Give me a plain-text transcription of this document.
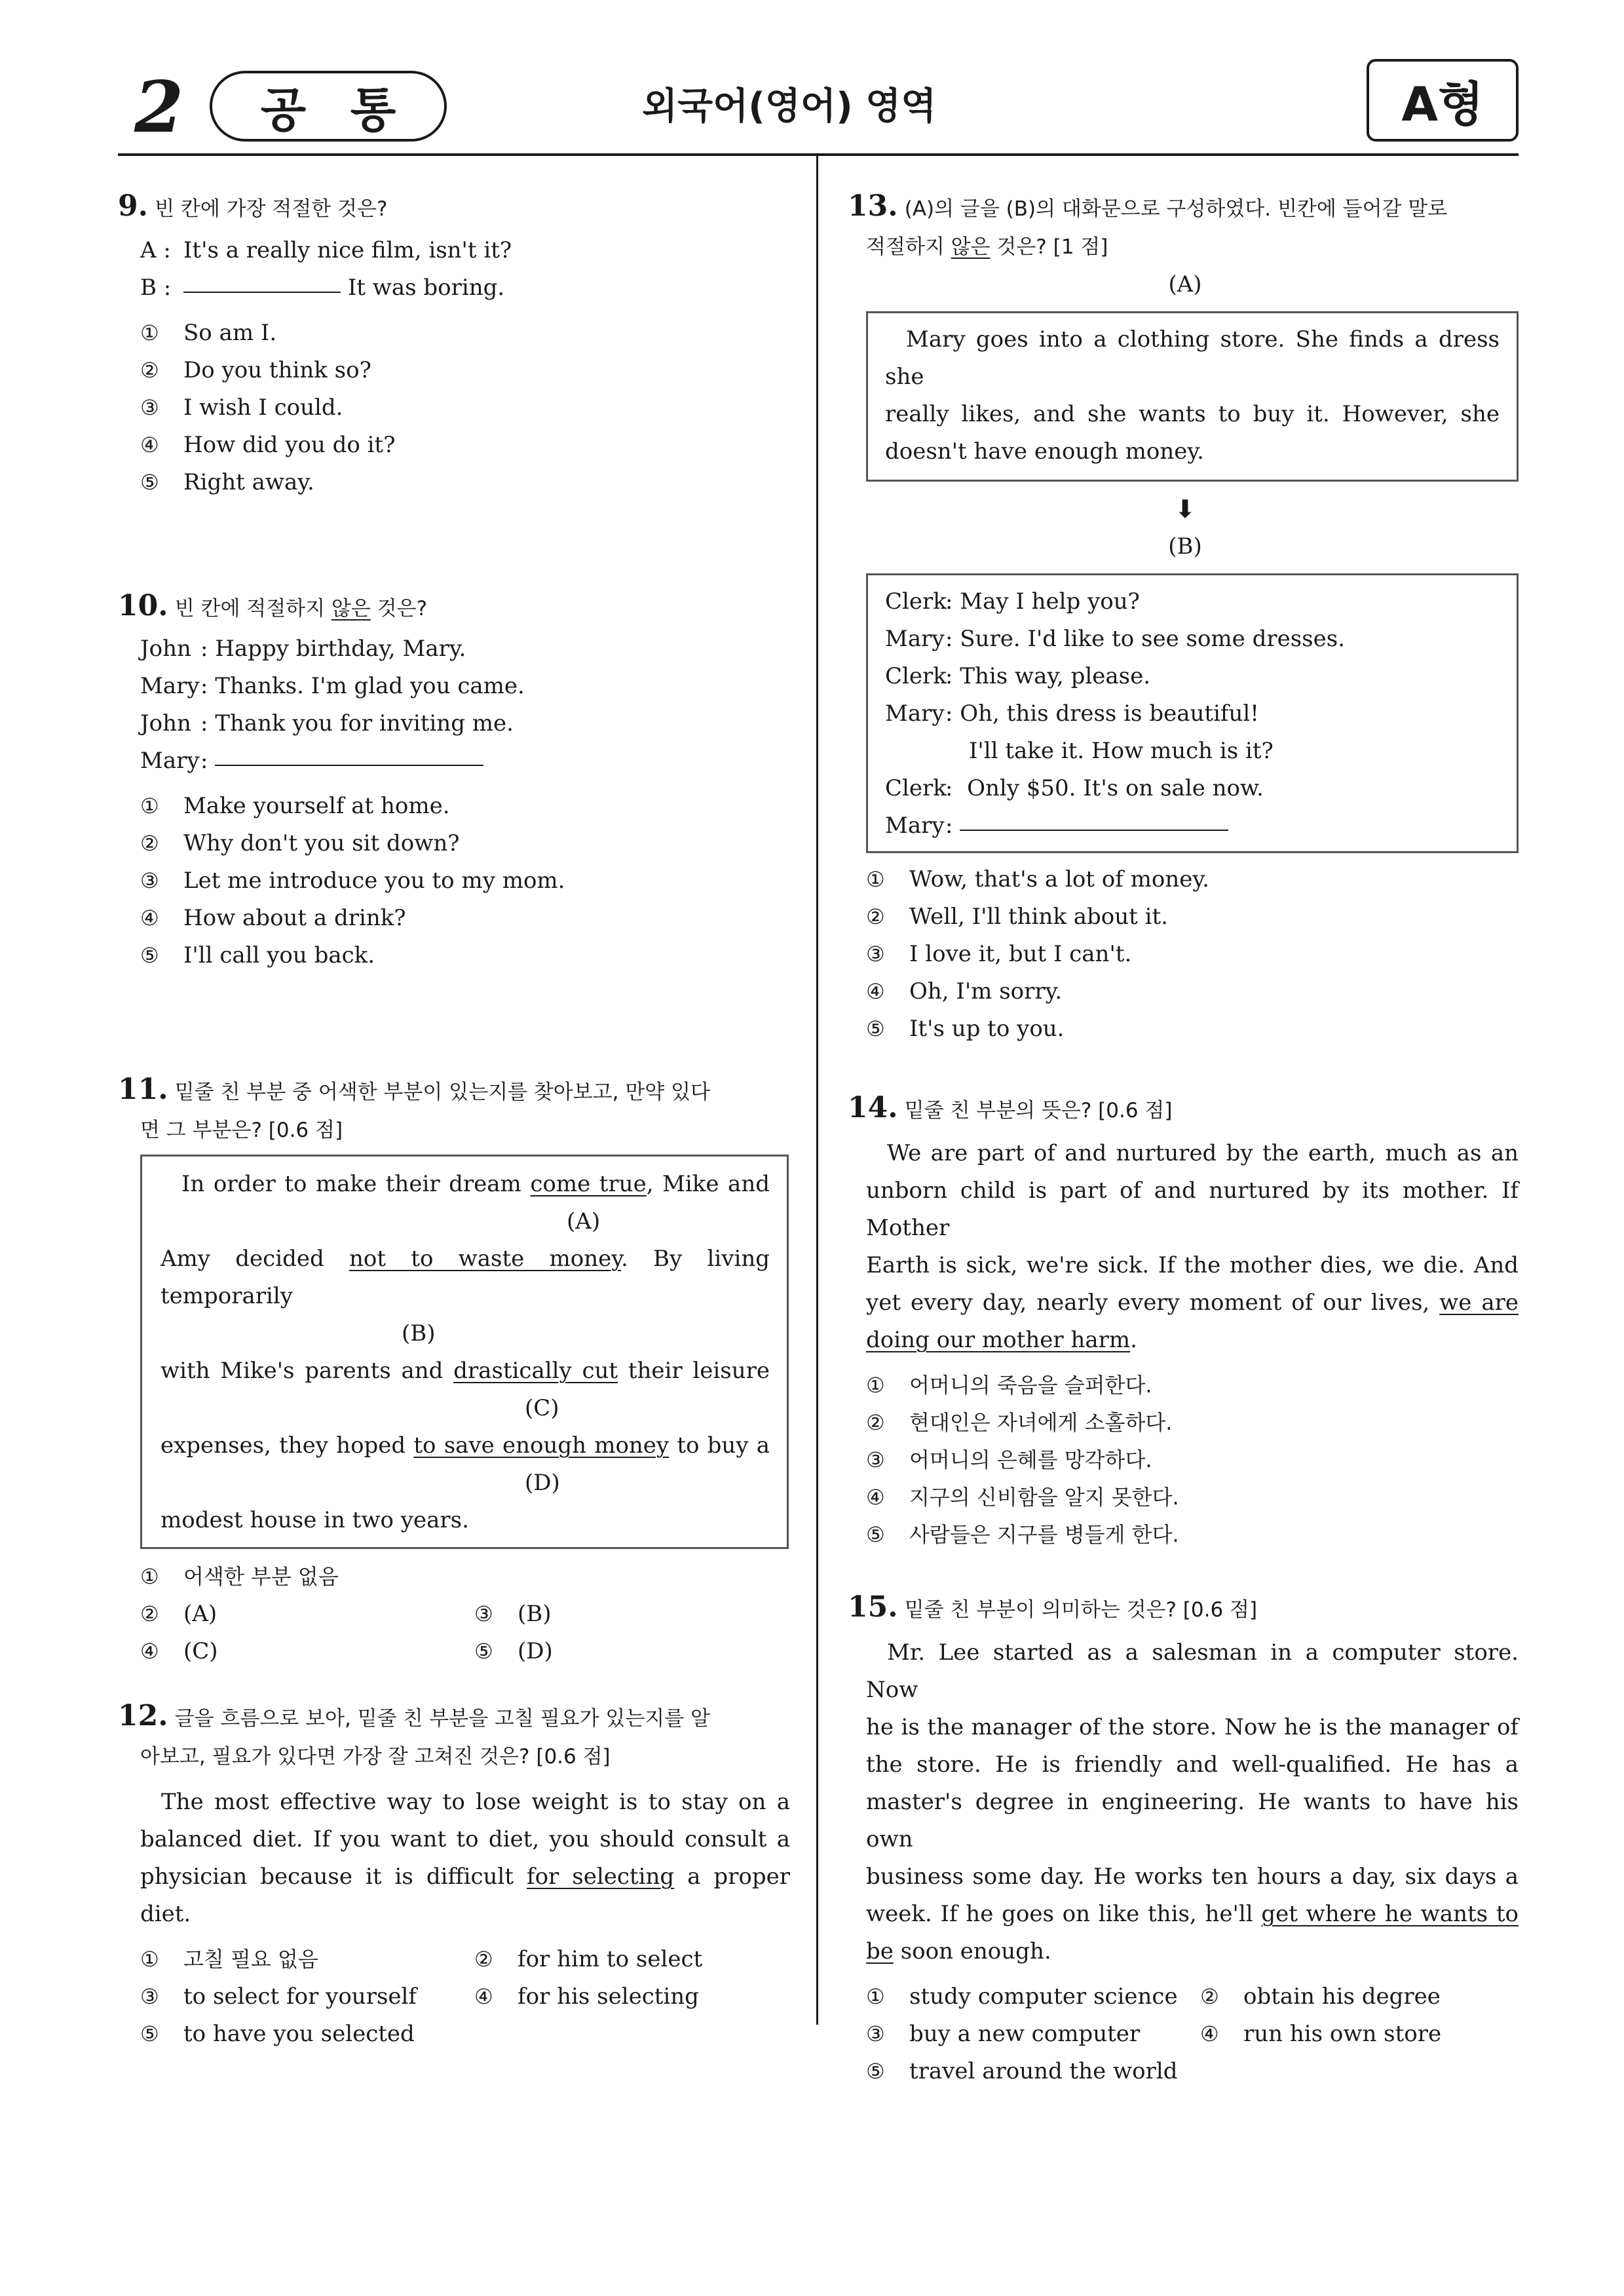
2 공 통	외국어(영어) 영역	A형
9. 빈 칸에 가장 적절한 것은?
A : It's a really nice film, isn't it?
B :
	It was boring.
①	So am I.
②	Do you think so?
③	I wish I could.
④	How did you do it?
⑤	Right away.
10. 빈 칸에 적절하지 않은 것은?
John : Happy birthday, Mary.
Mary : Thanks. I'm glad you came.
John : Thank you for inviting me.
Mary :

①	Make yourself at home.
②	Why don't you sit down?
③	Let me introduce you to my mom.
④	How about a drink?
⑤	I'll call you back.
11. 밑줄 친 부분 중 어색한 부분이 있는지를 찾아보고, 만약 있다
면 그 부분은? [0.6 점]
In order to make their dream come true, Mike and
(A)
Amy decided not to waste money. By living temporarily
(B)
with Mike's parents and drastically cut their leisure
(C)
expenses, they hoped to save enough money to buy a
(D)
modest house in two years.
①	어색한 부분 없음
②	(A)	③	(B)
④	(C)	⑤	(D)
12. 글을 흐름으로 보아, 밑줄 친 부분을 고칠 필요가 있는지를 알
아보고, 필요가 있다면 가장 잘 고쳐진 것은? [0.6 점]
The most effective way to lose weight is to stay on a
balanced diet. If you want to diet, you should consult a
physician because it is difficult for selecting a proper diet.
①	고칠 필요 없음	②	for him to select
③	to select for yourself	④	for his selecting
⑤	to have you selected
13. (A)의 글을 (B)의 대화문으로 구성하였다. 빈칸에 들어갈 말로
적절하지 않은 것은? [1 점]
(A)
Mary goes into a clothing store. She finds a dress she
really likes, and she wants to buy it. However, she
doesn't have enough money.
⬇
(B)
Clerk
: May I help you?
Mary : Sure. I'd like to see some dresses.
Clerk
: This way, please.
Mary : Oh, this dress is beautiful!
I'll take it. How much is it?
Clerk
:  Only $50. It's on sale now.
Mary :

①	Wow, that's a lot of money.
②	Well, I'll think about it.
③	I love it, but I can't.
④	Oh, I'm sorry.
⑤	It's up to you.
14. 밑줄 친 부분의 뜻은? [0.6 점]
We are part of and nurtured by the earth, much as an
unborn child is part of and nurtured by its mother. If Mother
Earth is sick, we're sick. If the mother dies, we die. And
yet every day, nearly every moment of our lives, we are
doing our mother harm.
①	어머니의 죽음을 슬퍼한다.
②	현대인은 자녀에게 소홀하다.
③	어머니의 은혜를 망각하다.
④	지구의 신비함을 알지 못한다.
⑤	사람들은 지구를 병들게 한다.
15. 밑줄 친 부분이 의미하는 것은? [0.6 점]
Mr. Lee started as a salesman in a computer store. Now
he is the manager of the store. Now he is the manager of
the store. He is friendly and well-qualified. He has a
master's degree in engineering. He wants to have his own
business some day. He works ten hours a day, six days a
week. If he goes on like this, he'll get where he wants to
be soon enough.
①	study computer science ②	obtain his degree
③	buy a new computer	④	run his own store
⑤	travel around the world
